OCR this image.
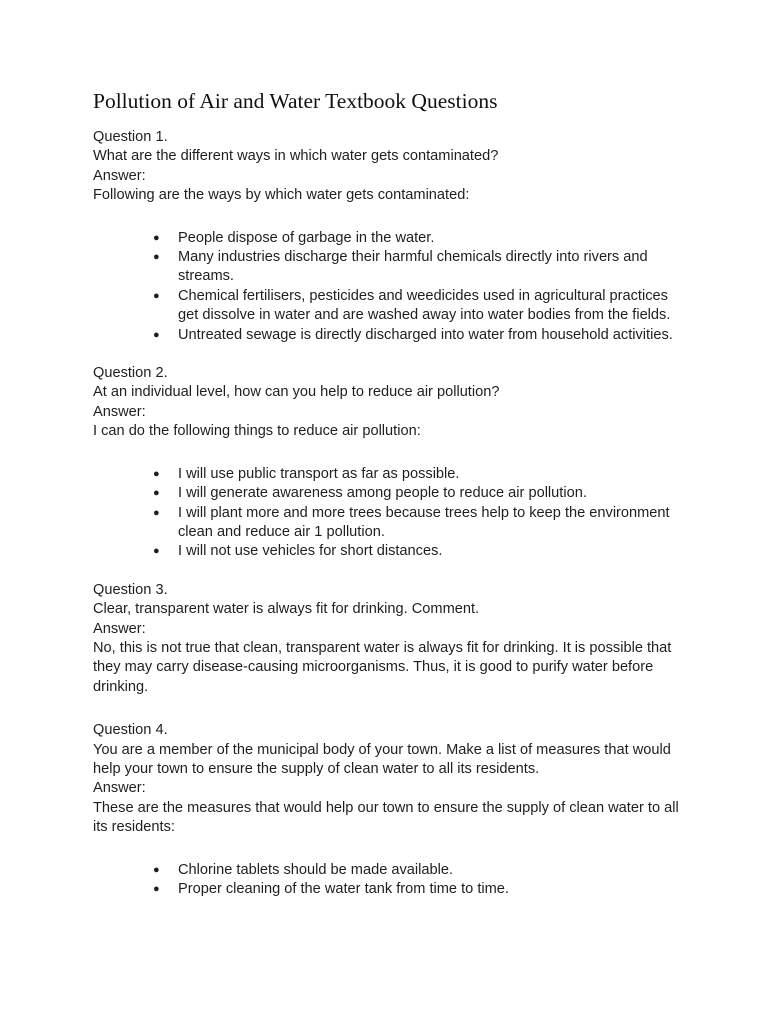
Pollution of Air and Water Textbook Questions

Question 1.

What are the different ways in which water gets contaminated?

Answer:

Following are the ways by which water gets contaminated:

● People dispose of garbage in the water.
● Many industries discharge their harmful chemicals directly into rivers and streams.
● Chemical fertilisers, pesticides and weedicides used in agricultural practices get dissolve in water and are washed away into water bodies from the fields.
● Untreated sewage is directly discharged into water from household activities.

Question 2.

At an individual level, how can you help to reduce air pollution?

Answer:

I can do the following things to reduce air pollution:

● I will use public transport as far as possible.
● I will generate awareness among people to reduce air pollution.
● I will plant more and more trees because trees help to keep the environment clean and reduce air 1 pollution.
● I will not use vehicles for short distances.

Question 3.

Clear, transparent water is always fit for drinking. Comment.

Answer:

No, this is not true that clean, transparent water is always fit for drinking. It is possible that they may carry disease-causing microorganisms. Thus, it is good to purify water before drinking.

Question 4.

You are a member of the municipal body of your town. Make a list of measures that would help your town to ensure the supply of clean water to all its residents.

Answer:

These are the measures that would help our town to ensure the supply of clean water to all its residents:

● Chlorine tablets should be made available.
● Proper cleaning of the water tank from time to time.
